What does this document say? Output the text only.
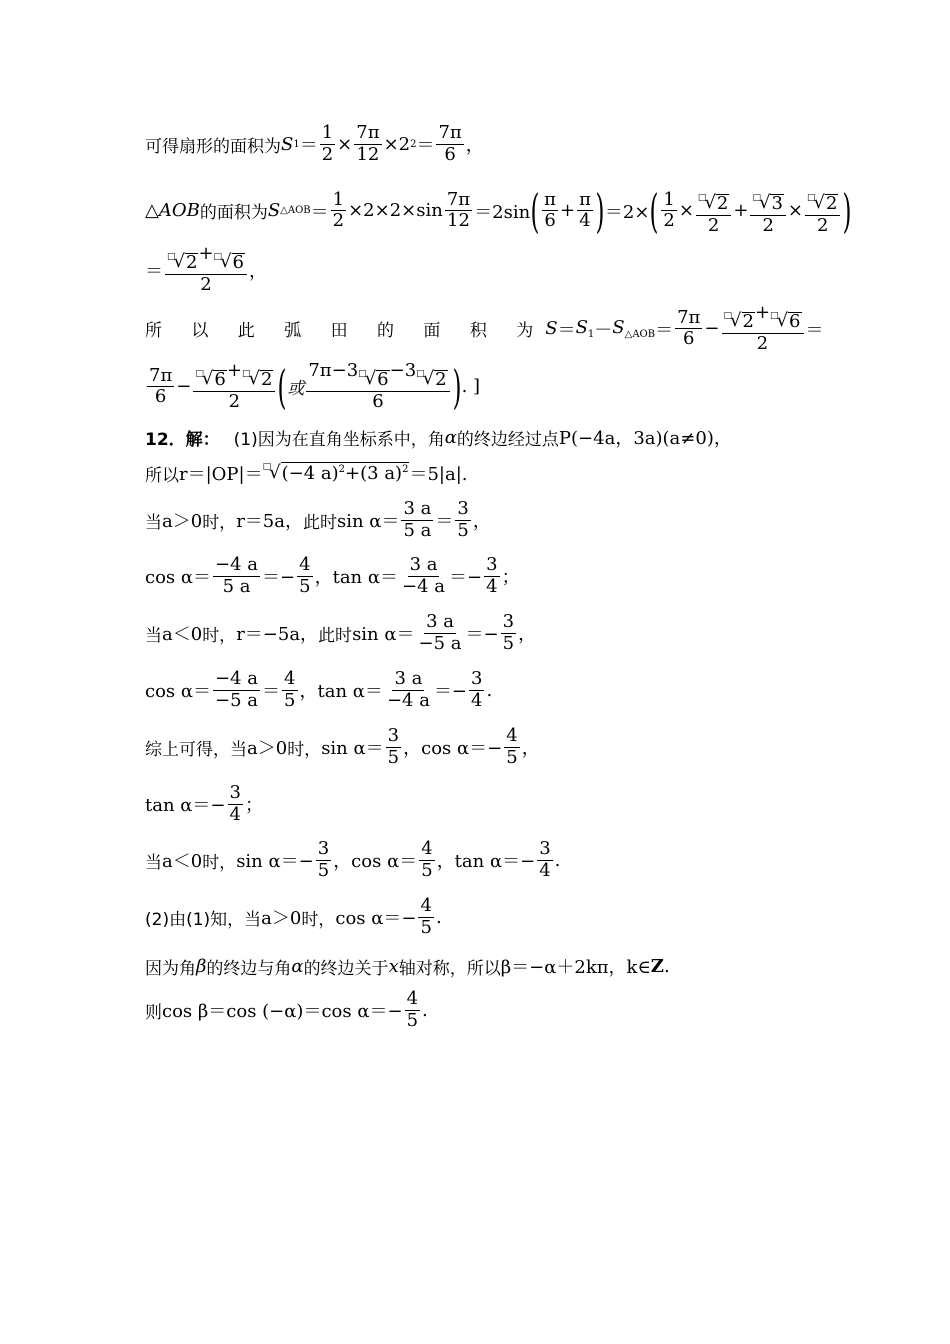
可得扇形的面积为 S $1 = \frac{1}{2} \times \frac{7\pi}{12} \times 2$ $2 = \frac{7\pi}{6}$ ，
△AOB 的面积为 S △AOB ＝ $\frac{1}{2} \times 2\times 2\times\sin \frac{7\pi}{12} =2\sin$ ( $\frac{\pi}{6} + \frac{\pi}{4}$ ) ＝2× ( $\frac{1}{2}$ × □
√ 2
2 + □
√ 3
2 × □
√ 2
2 )
＝ □
√ 2 + □
√ 6
2 ，
所 以 此 弧 田 的 面 积 为 $S = S_1 - S_{\triangle AOB} = \frac{7\pi}{6}$ − □
√ 2 + □
√ 6
2 ＝
$\frac{7\pi}{6}$ − □
√ 6 + □
√ 2
2 ( 或 7π−3 □
√ 6 −3 □
√ 2
6 ) . ]
12．解： (1)因为在直角坐标系中，角 α 的终边经过点 P(−4a，3a)(a≠0)，
所以 r＝|OP|＝ □
√ (−4 a)$^2$+(3 a)$^2$ ＝5|a|.
当 a＞0 时， r＝5a， 此时 $\sin \alpha= \frac{3 a}{5 a} = \frac{3}{5}$ ，
$\cos \alpha= \frac{-4 a}{5 a} =- \frac{4}{5}$ ，$\tan \alpha= \frac{3 a}{-4 a} =- \frac{3}{4}$ ；
当 a＜0 时， r＝−5a， 此时 $\sin \alpha= \frac{3 a}{-5 a} =- \frac{3}{5}$ ，
$\cos \alpha= \frac{-4 a}{-5 a} = \frac{4}{5}$ ，$\tan \alpha= \frac{3 a}{-4 a} =- \frac{3}{4}$ .
综上可得，当 a＞0 时， $\sin \alpha= \frac{3}{5}$ ，$\cos \alpha=- \frac{4}{5}$ ，
$\tan \alpha=- \frac{3}{4}$ ；
当 a＜0 时， $\sin \alpha=- \frac{3}{5}$ ，$\cos \alpha= \frac{4}{5}$ ，$\tan \alpha=- \frac{3}{4}$ .
(2)由(1)知，当 a＞0 时， $\cos \alpha=- \frac{4}{5}$ .
因为角 β 的终边与角 α 的终边关于 x 轴对称，所以 β＝−α＋2kπ，k∈ Z .
则 cos β＝cos (−α)＝cos $\alpha=- \frac{4}{5}$ .
